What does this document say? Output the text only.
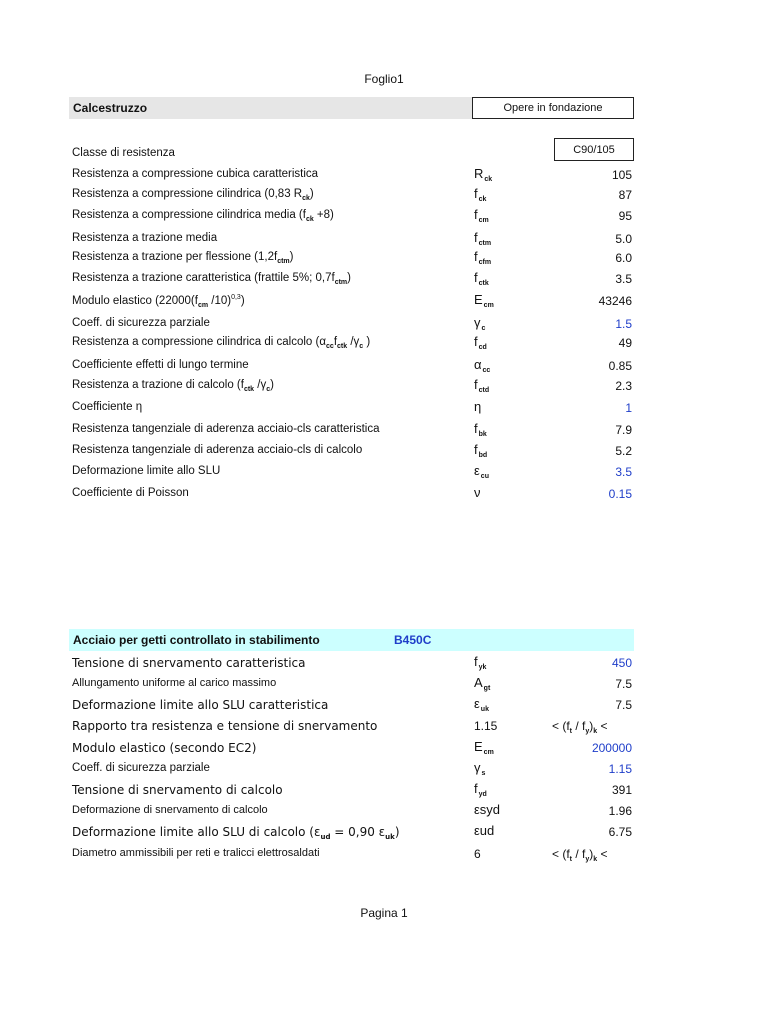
Foglio1
Calcestruzzo	Opere in fondazione
Classe di resistenza	C90/105
Resistenza a compressione cubica caratteristica	$R_{ck}$	105
Resistenza a compressione cilindrica (0,83 $R_{ck}$)	$f_{ck}$	87
Resistenza a compressione cilindrica media $(f_{ck} +8)$	$f_{cm}$	95
Resistenza a trazione media	$f_{ctm}$	5.0
Resistenza a trazione per flessione $(1,2f_{ctm})$	$f_{cfm}$	6.0
Resistenza a trazione caratteristica (frattile 5%; $0,7f_{ctm}$)	$f_{ctk}$	3.5
Modulo elastico ($22000(f_{cm}$ /10)$^{0,3}$)	$E_{cm}$	43246
Coeff. di sicurezza parziale	$\gamma_c$	1.5
Resistenza a compressione cilindrica di calcolo ($\alpha_{cc}f_{ctk}$ $/\gamma_c$ )	$f_{cd}$	49
Coefficiente effetti di lungo termine	$\alpha_{cc}$	0.85
Resistenza a trazione di calcolo ($f_{ctk}$ $/\gamma_c$)	$f_{ctd}$	2.3
Coefficiente η	η	1
Resistenza tangenziale di aderenza acciaio-cls caratteristica	$f_{bk}$	7.9
Resistenza tangenziale di aderenza acciaio-cls di calcolo	$f_{bd}$	5.2
Deformazione limite allo SLU	$\varepsilon_{cu}$	3.5
Coefficiente di Poisson	ν	0.15
Acciaio per getti controllato in stabilimento	B450C
Tensione di snervamento caratteristica	$f_{yk}$	450
Allungamento uniforme al carico massimo	$A_{gt}$	7.5
Deformazione limite allo SLU caratteristica	$\varepsilon_{uk}$	7.5
Rapporto tra resistenza e tensione di snervamento	1.15	< $(f_t / f_y)_k$ <
Modulo elastico (secondo EC2)	$E_{cm}$	200000
Coeff. di sicurezza parziale	$\gamma_s$	1.15
Tensione di snervamento di calcolo	$f_{yd}$	391
Deformazione di snervamento di calcolo	εsyd	1.96
Deformazione limite allo SLU di calcolo ($\varepsilon_{ud} = 0,90$ $\varepsilon_{uk}$)	εud	6.75
Diametro ammissibili per reti e tralicci elettrosaldati	6	< $(f_t / f_y)_k$ <
Pagina 1
